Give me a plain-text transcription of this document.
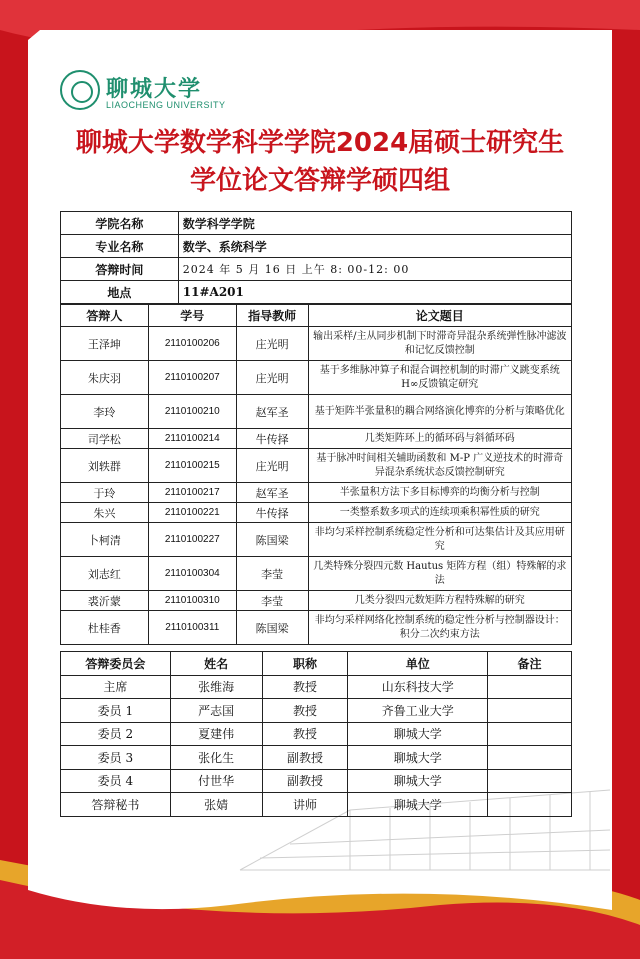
聊城大学
LIAOCHENG UNIVERSITY
聊城大学数学科学学院2024届硕士研究生
学位论文答辩学硕四组
学院名称	数学科学学院
专业名称	数学、系统科学
答辩时间	2024 年 5 月 16 日 上午 8: 00-12: 00
地点	11#A201
答辩人	学号	指导教师	论文题目
王泽坤	2110100206	庄光明	输出采样/主从同步机制下时滞奇异混杂系统弹性脉冲滤波和记忆反馈控制
朱庆羽	2110100207	庄光明	基于多维脉冲算子和混合调控机制的时滞广义跳变系统 H∞反馈镇定研究
李玲	2110100210	赵军圣	基于矩阵半张量积的耦合网络演化博弈的分析与策略优化
司学松	2110100214	牛传择	几类矩阵环上的循环码与斜循环码
刘轶群	2110100215	庄光明	基于脉冲时间相关辅助函数和 M-P 广义逆技术的时滞奇异混杂系统状态反馈控制研究
于玲	2110100217	赵军圣	半张量积方法下多目标博弈的均衡分析与控制
朱兴	2110100221	牛传择	一类整系数多项式的连续项乘积幂性质的研究
卜柯清	2110100227	陈国梁	非均匀采样控制系统稳定性分析和可达集估计及其应用研究
刘志红	2110100304	李莹	几类特殊分裂四元数 Hautus 矩阵方程（组）特殊解的求法
裘沂蒙	2110100310	李莹	几类分裂四元数矩阵方程特殊解的研究
杜桂香	2110100311	陈国梁	非均匀采样网络化控制系统的稳定性分析与控制器设计：积分二次约束方法
答辩委员会	姓名	职称	单位	备注
主席	张维海	教授	山东科技大学	
委员 1	严志国	教授	齐鲁工业大学	
委员 2	夏建伟	教授	聊城大学	
委员 3	张化生	副教授	聊城大学	
委员 4	付世华	副教授	聊城大学	
答辩秘书	张婧	讲师	聊城大学	
